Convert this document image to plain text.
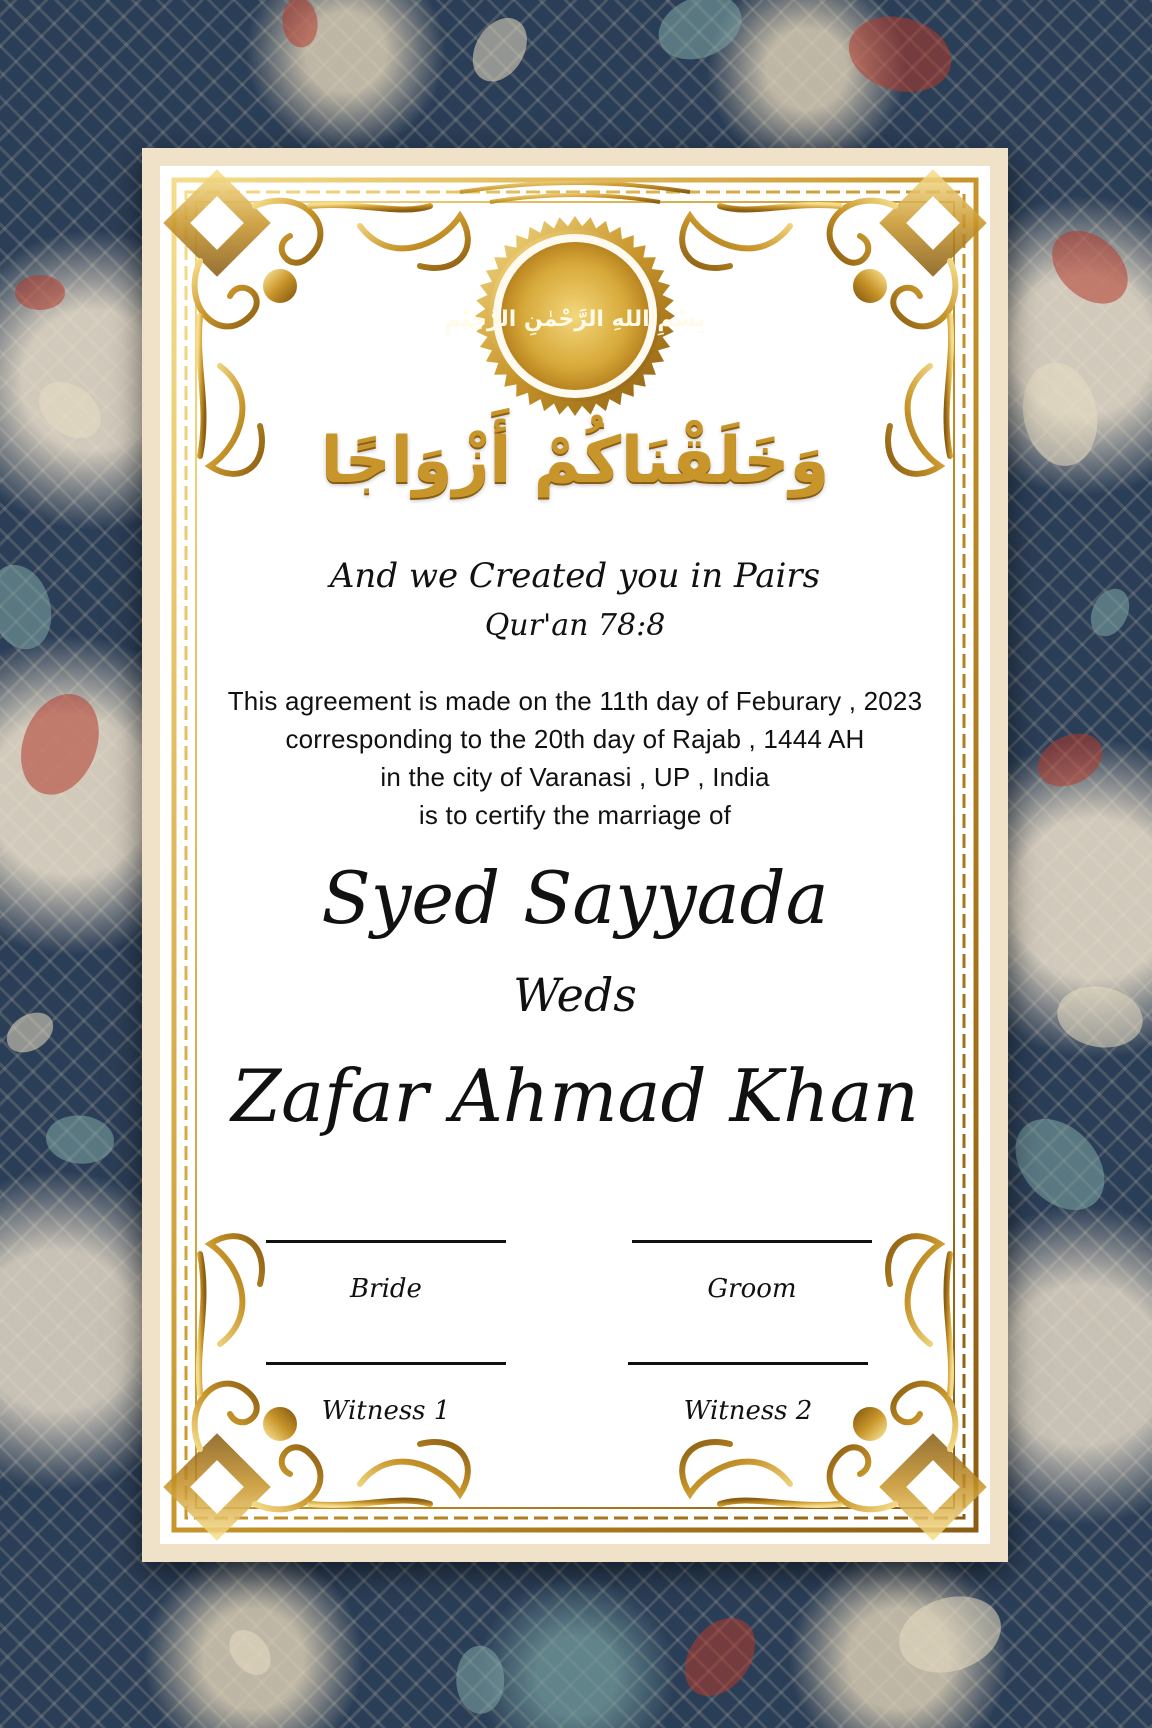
بِسْمِ اللهِ الرَّحْمٰنِ الرَّحِيْمِ
وَخَلَقْنَاكُمْ أَزْوَاجًا
And we Created you in Pairs
Qur'an 78:8
This agreement is made on the 11th day of Feburary , 2023
corresponding to the 20th day of Rajab , 1444 AH
in the city of Varanasi , UP , India
is to certify the marriage of
Syed Sayyada
Weds
Zafar Ahmad Khan
Bride	Groom
Witness 1	Witness 2
